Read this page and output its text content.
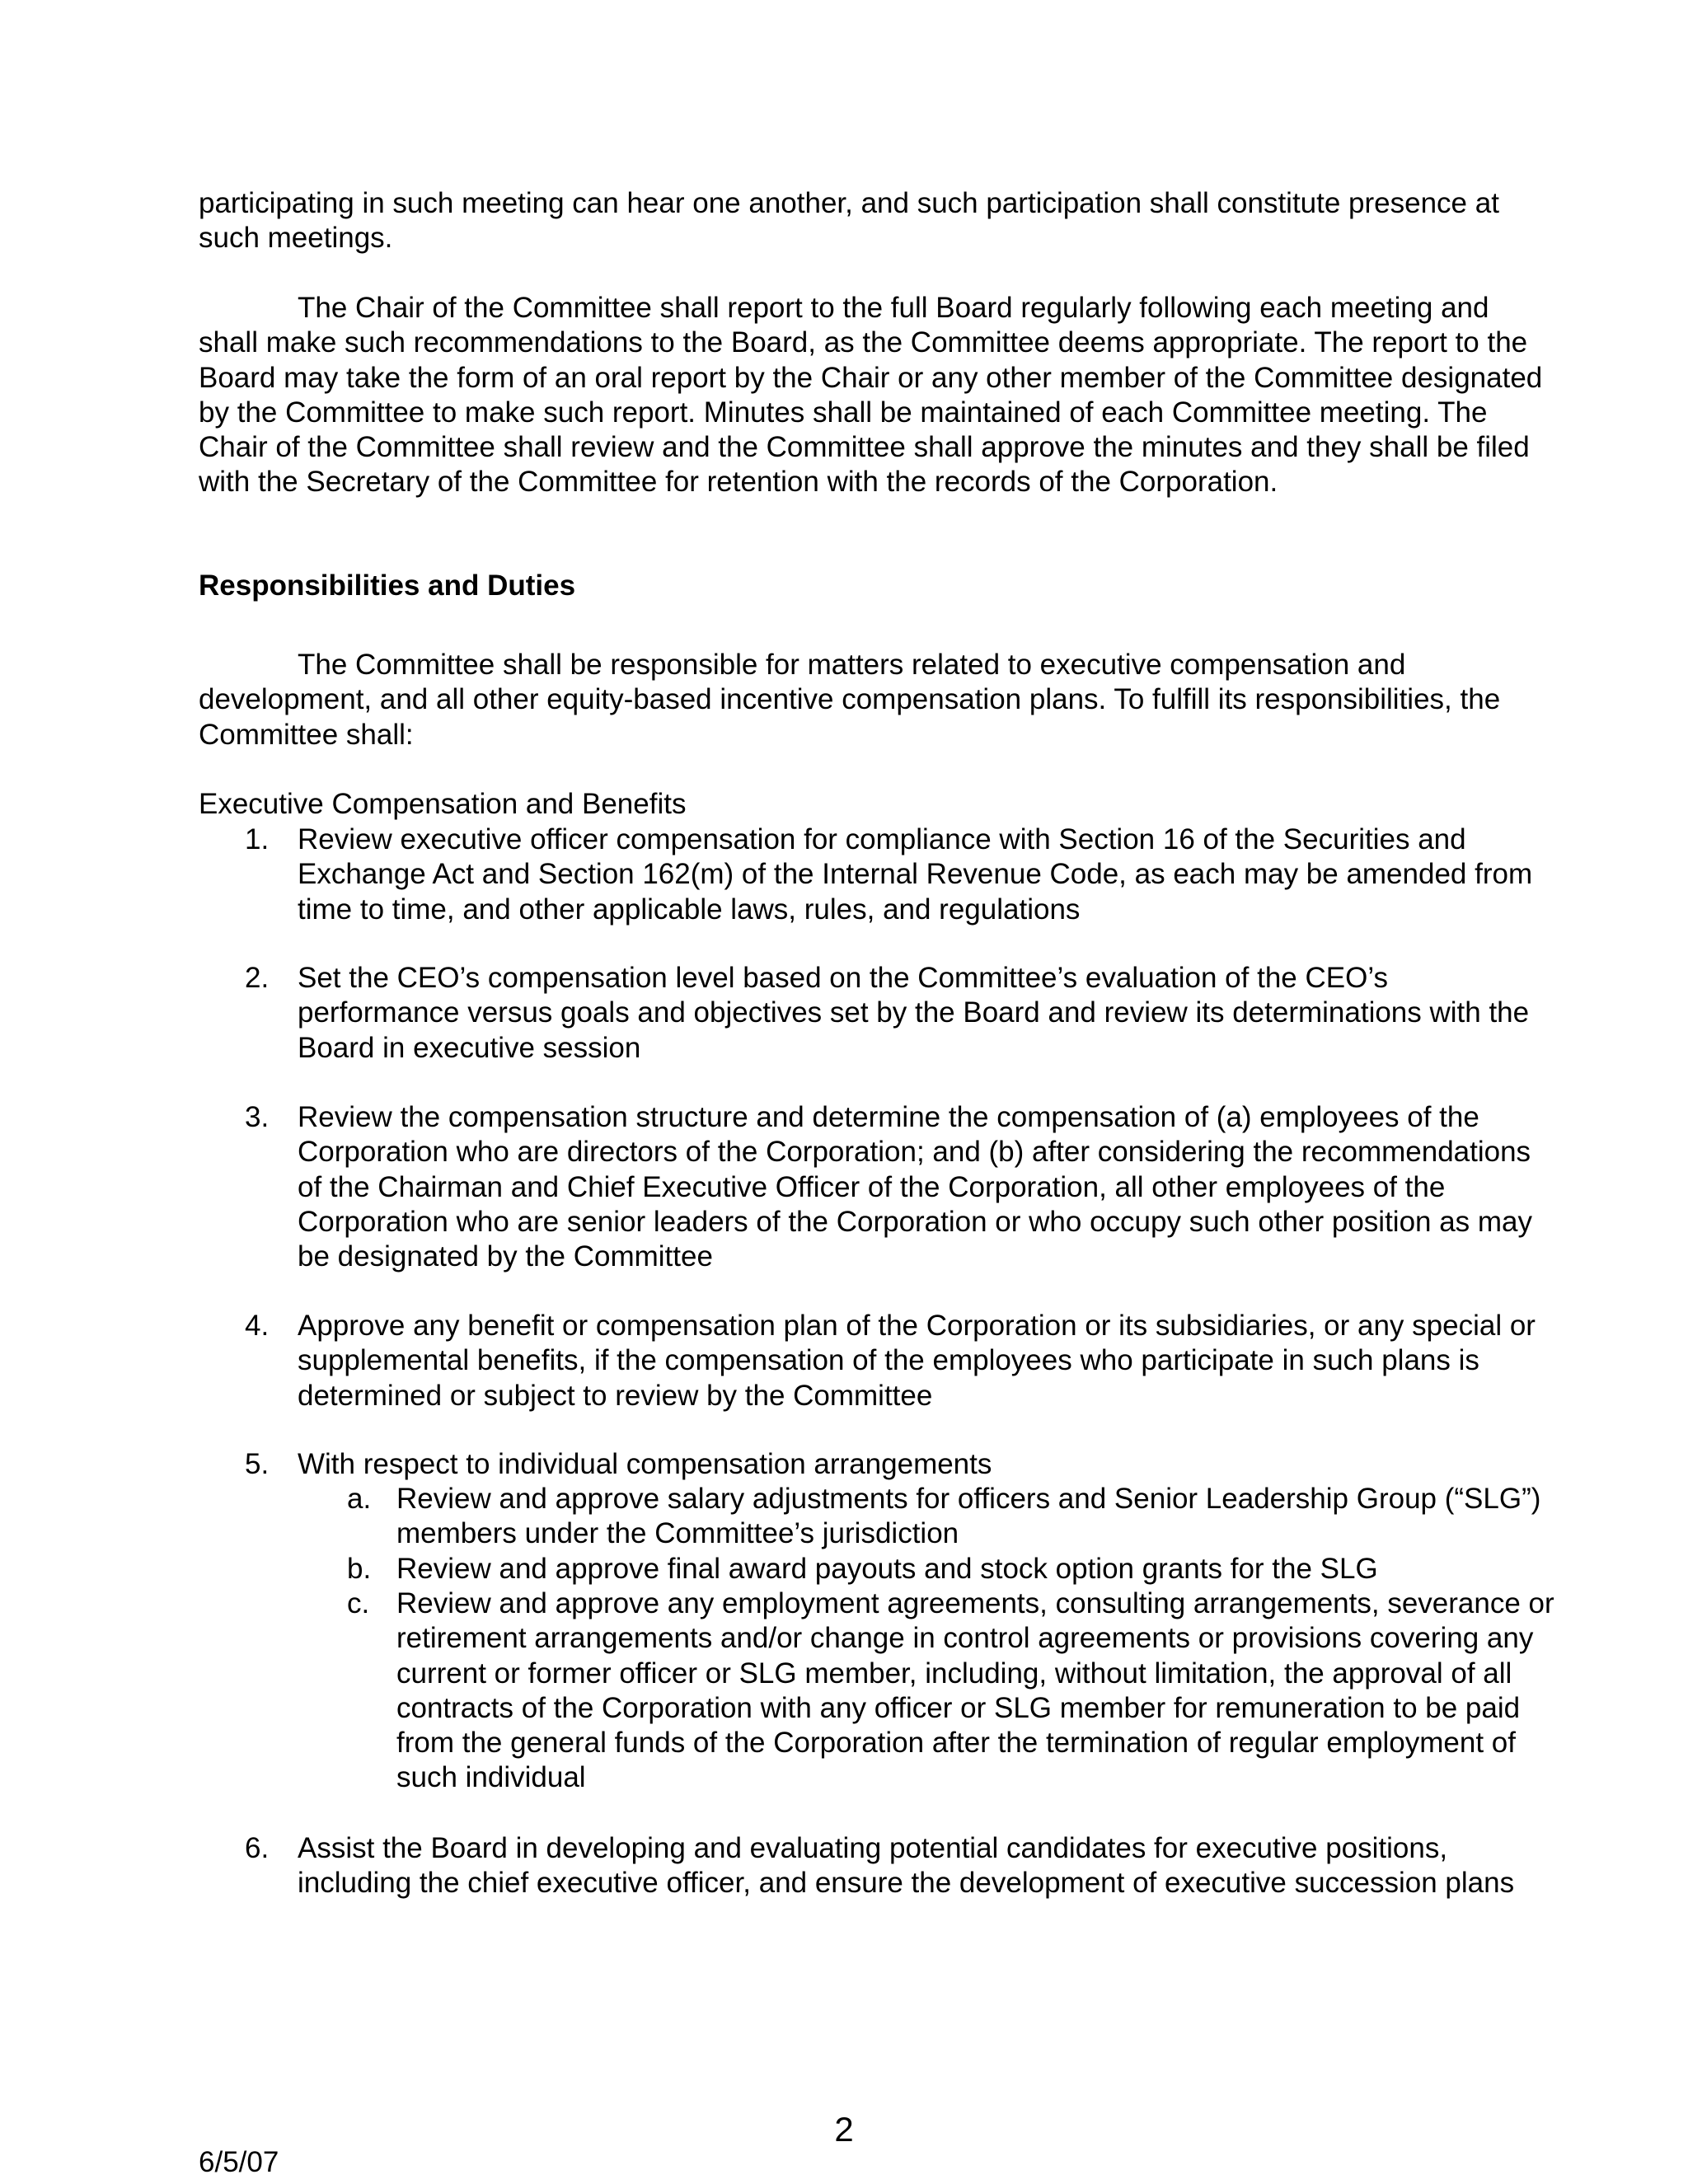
participating in such meeting can hear one another, and such participation shall constitute presence at such meetings.

The Chair of the Committee shall report to the full Board regularly following each meeting and shall make such recommendations to the Board, as the Committee deems appropriate. The report to the Board may take the form of an oral report by the Chair or any other member of the Committee designated by the Committee to make such report. Minutes shall be maintained of each Committee meeting. The Chair of the Committee shall review and the Committee shall approve the minutes and they shall be filed with the Secretary of the Committee for retention with the records of the Corporation.

Responsibilities and Duties

The Committee shall be responsible for matters related to executive compensation and development, and all other equity-based incentive compensation plans. To fulfill its responsibilities, the Committee shall:

Executive Compensation and Benefits

1. Review executive officer compensation for compliance with Section 16 of the Securities and Exchange Act and Section 162(m) of the Internal Revenue Code, as each may be amended from time to time, and other applicable laws, rules, and regulations
2. Set the CEO’s compensation level based on the Committee’s evaluation of the CEO’s performance versus goals and objectives set by the Board and review its determinations with the Board in executive session
3. Review the compensation structure and determine the compensation of (a) employees of the Corporation who are directors of the Corporation; and (b) after considering the recommendations of the Chairman and Chief Executive Officer of the Corporation, all other employees of the Corporation who are senior leaders of the Corporation or who occupy such other position as may be designated by the Committee
4. Approve any benefit or compensation plan of the Corporation or its subsidiaries, or any special or supplemental benefits, if the compensation of the employees who participate in such plans is determined or subject to review by the Committee
5. With respect to individual compensation arrangements
a. Review and approve salary adjustments for officers and Senior Leadership Group (“SLG”) members under the Committee’s jurisdiction
b. Review and approve final award payouts and stock option grants for the SLG
c. Review and approve any employment agreements, consulting arrangements, severance or retirement arrangements and/or change in control agreements or provisions covering any current or former officer or SLG member, including, without limitation, the approval of all contracts of the Corporation with any officer or SLG member for remuneration to be paid from the general funds of the Corporation after the termination of regular employment of such individual
6. Assist the Board in developing and evaluating potential candidates for executive positions, including the chief executive officer, and ensure the development of executive succession plans
2
6/5/07
